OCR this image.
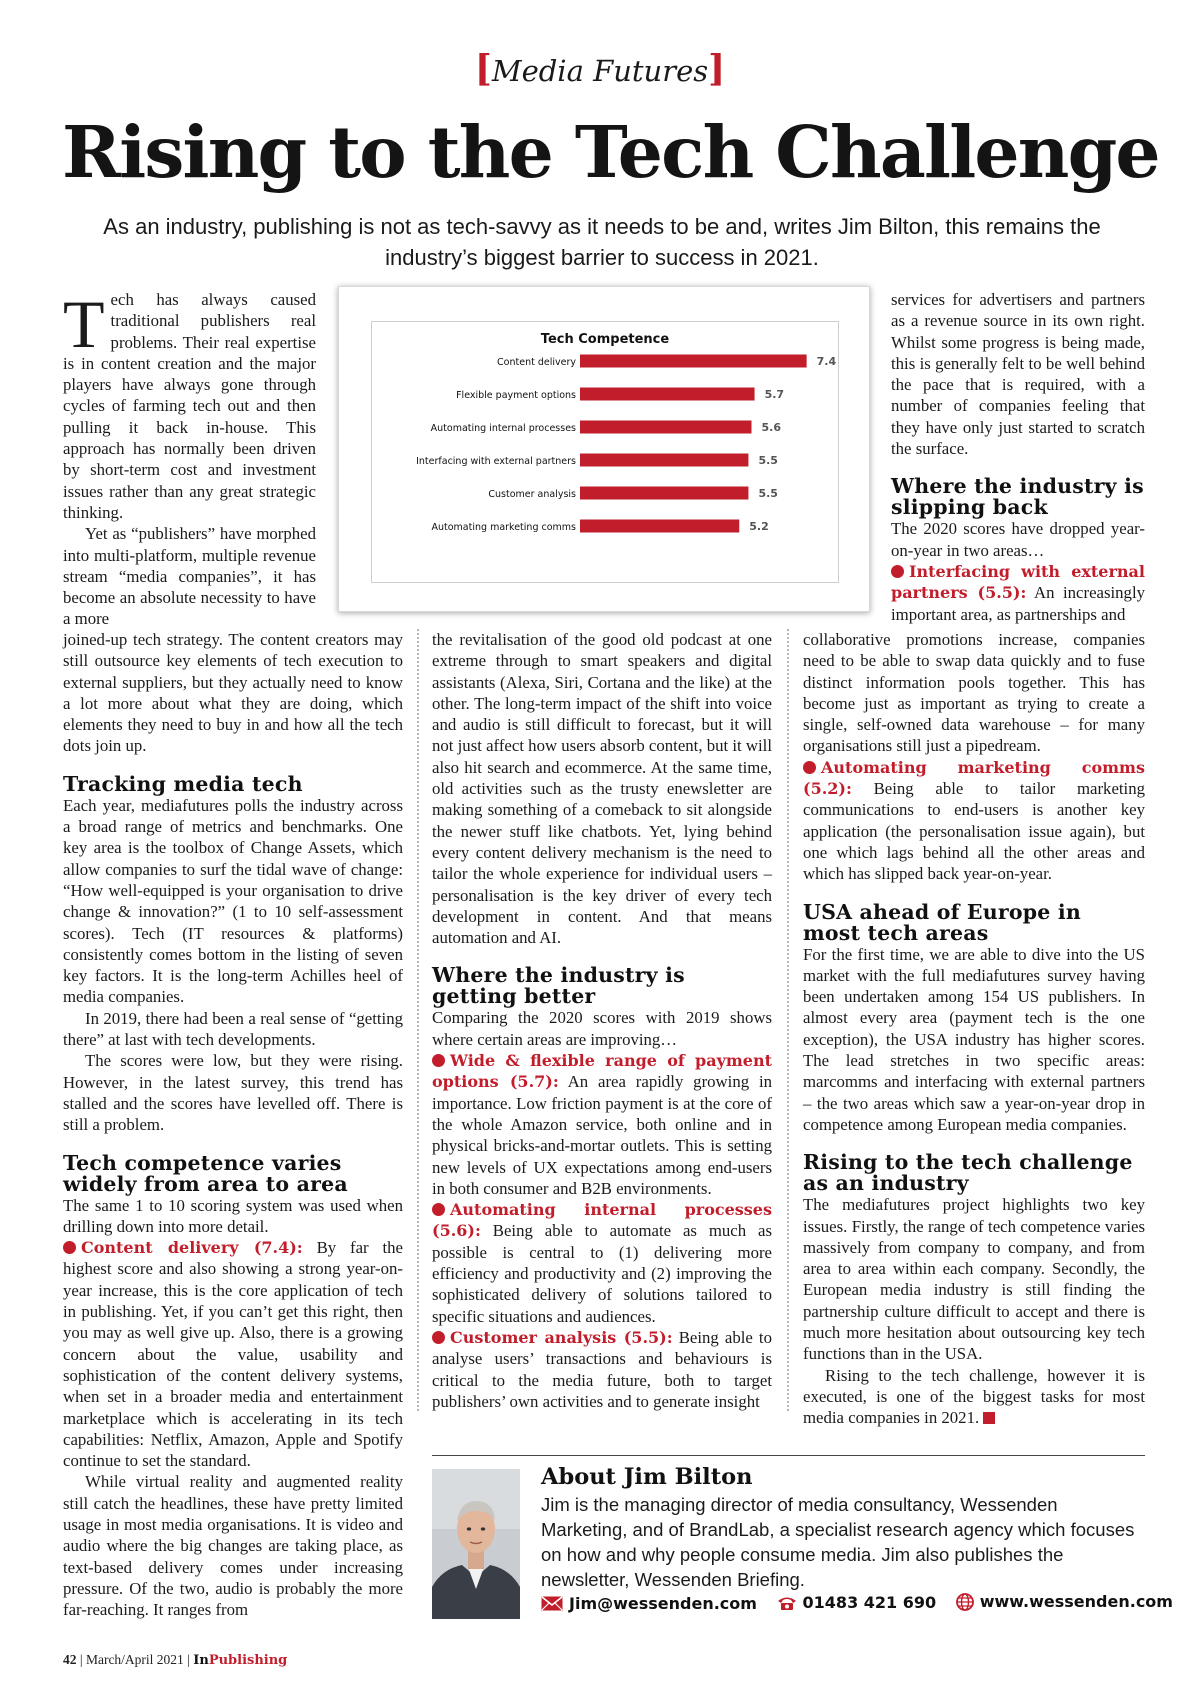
[Media Futures]
Rising to the Tech Challenge
As an industry, publishing is not as tech-savvy as it needs to be and, writes Jim Bilton, this remains the industry’s biggest barrier to success in 2021.

Tech has always caused traditional publishers real problems. Their real expertise is in content creation and the major players have always gone through cycles of farming tech out and then pulling it back in-house. This approach has normally been driven by short-term cost and investment issues rather than any great strategic thinking.

Yet as “publishers” have morphed into multi-platform, multiple revenue stream “media companies”, it has become an absolute necessity to have a more

joined-up tech strategy. The content creators may still outsource key elements of tech execution to external suppliers, but they actually need to know a lot more about what they are doing, which elements they need to buy in and how all the tech dots join up.

Tracking media tech

Each year, mediafutures polls the industry across a broad range of metrics and benchmarks. One key area is the toolbox of Change Assets, which allow companies to surf the tidal wave of change: “How well-equipped is your organisation to drive change & innovation?” (1 to 10 self-assessment scores). Tech (IT resources & platforms) consistently comes bottom in the listing of seven key factors. It is the long-term Achilles heel of media companies.

In 2019, there had been a real sense of “getting there” at last with tech developments.

The scores were low, but they were rising. However, in the latest survey, this trend has stalled and the scores have levelled off. There is still a problem.

Tech competence varies widely from area to area

The same 1 to 10 scoring system was used when drilling down into more detail.

Content delivery (7.4): By far the highest score and also showing a strong year-on-year increase, this is the core application of tech in publishing. Yet, if you can’t get this right, then you may as well give up. Also, there is a growing concern about the value, usability and sophistication of the content delivery systems, when set in a broader media and entertainment marketplace which is accelerating in its tech capabilities: Netflix, Amazon, Apple and Spotify continue to set the standard.

While virtual reality and augmented reality still catch the headlines, these have pretty limited usage in most media organisations. It is video and audio where the big changes are taking place, as text-based delivery comes under increasing pressure. Of the two, audio is probably the more far-reaching. It ranges from

the revitalisation of the good old podcast at one extreme through to smart speakers and digital assistants (Alexa, Siri, Cortana and the like) at the other. The long-term impact of the shift into voice and audio is still difficult to forecast, but it will not just affect how users absorb content, but it will also hit search and ecommerce. At the same time, old activities such as the trusty enewsletter are making something of a comeback to sit alongside the newer stuff like chatbots. Yet, lying behind every content delivery mechanism is the need to tailor the whole experience for individual users – personalisation is the key driver of every tech development in content. And that means automation and AI.

Where the industry is getting better

Comparing the 2020 scores with 2019 shows where certain areas are improving…

Wide & flexible range of payment options (5.7): An area rapidly growing in importance. Low friction payment is at the core of the whole Amazon service, both online and in physical bricks-and-mortar outlets. This is setting new levels of UX expectations among end-users in both consumer and B2B environments.

Automating internal processes (5.6): Being able to automate as much as possible is central to (1) delivering more efficiency and productivity and (2) improving the sophisticated delivery of solutions tailored to specific situations and audiences.

Customer analysis (5.5): Being able to analyse users’ transactions and behaviours is critical to the media future, both to target publishers’ own activities and to generate insight

services for advertisers and partners as a revenue source in its own right. Whilst some progress is being made, this is generally felt to be well behind the pace that is required, with a number of companies feeling that they have only just started to scratch the surface.

Where the industry is slipping back

The 2020 scores have dropped year-on-year in two areas…

Interfacing with external partners (5.5): An increasingly important area, as partnerships and

collaborative promotions increase, companies need to be able to swap data quickly and to fuse distinct information pools together. This has become just as important as trying to create a single, self-owned data warehouse – for many organisations still just a pipedream.

Automating marketing comms (5.2): Being able to tailor marketing communications to end-users is another key application (the personalisation issue again), but one which lags behind all the other areas and which has slipped back year-on-year.

USA ahead of Europe in most tech areas

For the first time, we are able to dive into the US market with the full mediafutures survey having been undertaken among 154 US publishers. In almost every area (payment tech is the one exception), the USA industry has higher scores. The lead stretches in two specific areas: marcomms and interfacing with external partners – the two areas which saw a year-on-year drop in competence among European media companies.

Rising to the tech challenge as an industry

The mediafutures project highlights two key issues. Firstly, the range of tech competence varies massively from company to company, and from area to area within each company. Secondly, the European media industry is still finding the partnership culture difficult to accept and there is much more hesitation about outsourcing key tech functions than in the USA.

Rising to the tech challenge, however it is executed, is one of the biggest tasks for most media companies in 2021.

Tech Competence
Content delivery	7.4
Flexible payment options	5.7
Automating internal processes	5.6
Interfacing with external partners	5.5
Customer analysis	5.5
Automating marketing comms	5.2
About Jim Bilton
Jim is the managing director of media consultancy, Wessenden Marketing, and of BrandLab, a specialist research agency which focuses on how and why people consume media. Jim also publishes the newsletter, Wessenden Briefing.
Jim@wessenden.com
	01483 421 690
	www.wessenden.com
42 | March/April 2021 | InPublishing
